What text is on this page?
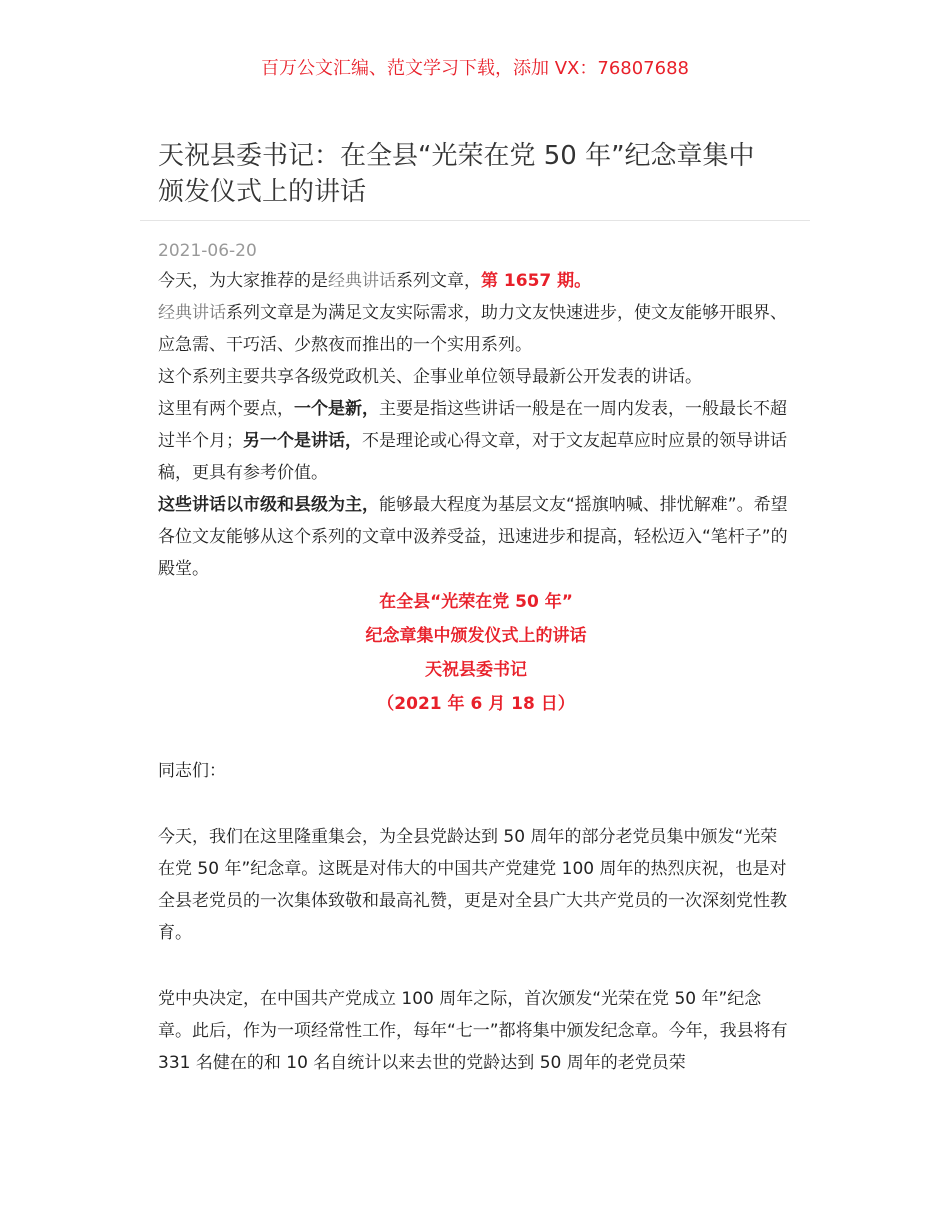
百万公文汇编、范文学习下载，添加 VX：76807688
天祝县委书记：在全县“光荣在党 50 年”纪念章集中
颁发仪式上的讲话
2021-06-20

今天，为大家推荐的是经典讲话系列文章，第 1657 期。

经典讲话系列文章是为满足文友实际需求，助力文友快速进步，使文友能够开眼界、应急需、干巧活、少熬夜而推出的一个实用系列。

这个系列主要共享各级党政机关、企事业单位领导最新公开发表的讲话。

这里有两个要点，一个是新，主要是指这些讲话一般是在一周内发表，一般最长不超过半个月；另一个是讲话，不是理论或心得文章，对于文友起草应时应景的领导讲话稿，更具有参考价值。

这些讲话以市级和县级为主，能够最大程度为基层文友“摇旗呐喊、排忧解难”。希望各位文友能够从这个系列的文章中汲养受益，迅速进步和提高，轻松迈入“笔杆子”的殿堂。

在全县“光荣在党 50 年”

纪念章集中颁发仪式上的讲话

天祝县委书记

（2021 年 6 月 18 日）

同志们：

今天，我们在这里隆重集会，为全县党龄达到 50 周年的部分老党员集中颁发“光荣在党 50 年”纪念章。这既是对伟大的中国共产党建党 100 周年的热烈庆祝，也是对全县老党员的一次集体致敬和最高礼赞，更是对全县广大共产党员的一次深刻党性教育。

党中央决定，在中国共产党成立 100 周年之际，首次颁发“光荣在党 50 年”纪念章。此后，作为一项经常性工作，每年“七一”都将集中颁发纪念章。今年，我县将有 331 名健在的和 10 名自统计以来去世的党龄达到 50 周年的老党员荣
